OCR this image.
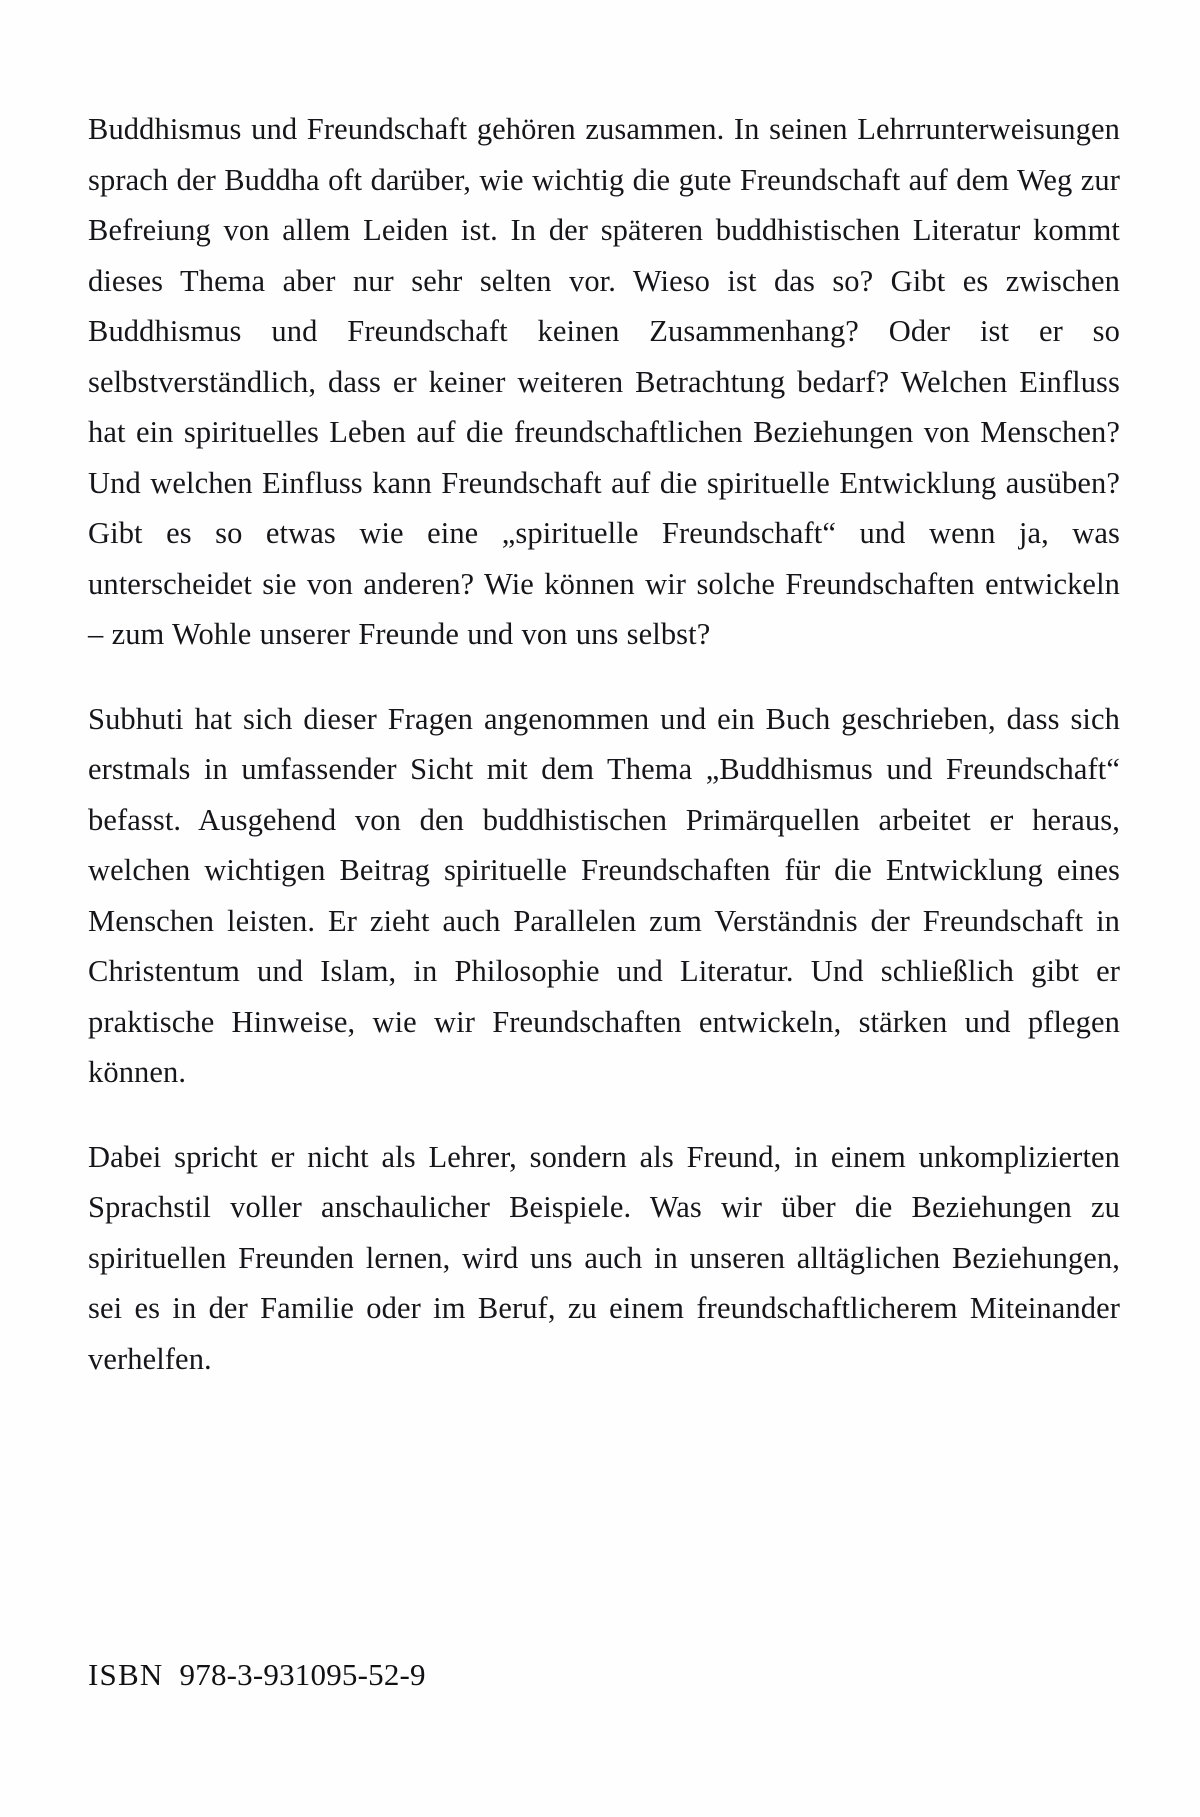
Buddhismus und Freundschaft gehören zusammen. In seinen Lehrrunterweisungen sprach der Buddha oft darüber, wie wichtig die gute Freundschaft auf dem Weg zur Befreiung von allem Leiden ist. In der späteren buddhistischen Literatur kommt dieses Thema aber nur sehr selten vor. Wieso ist das so? Gibt es zwischen Buddhismus und Freundschaft keinen Zusammenhang? Oder ist er so selbstverständlich, dass er keiner weiteren Betrachtung bedarf? Welchen Einfluss hat ein spirituelles Leben auf die freundschaftlichen Beziehungen von Menschen? Und welchen Einfluss kann Freundschaft auf die spirituelle Entwicklung ausüben? Gibt es so etwas wie eine „spirituelle Freundschaft“ und wenn ja, was unterscheidet sie von anderen? Wie können wir solche Freundschaften entwickeln – zum Wohle unserer Freunde und von uns selbst?

Subhuti hat sich dieser Fragen angenommen und ein Buch geschrieben, dass sich erstmals in umfassender Sicht mit dem Thema „Buddhismus und Freundschaft“ befasst. Ausgehend von den buddhistischen Primärquellen arbeitet er heraus, welchen wichtigen Beitrag spirituelle Freundschaften für die Entwicklung eines Menschen leisten. Er zieht auch Parallelen zum Verständnis der Freundschaft in Christentum und Islam, in Philosophie und Literatur. Und schließlich gibt er praktische Hinweise, wie wir Freundschaften entwickeln, stärken und pflegen können.

Dabei spricht er nicht als Lehrer, sondern als Freund, in einem unkomplizierten Sprachstil voller anschaulicher Beispiele. Was wir über die Beziehungen zu spirituellen Freunden lernen, wird uns auch in unseren alltäglichen Beziehungen, sei es in der Familie oder im Beruf, zu einem freundschaftlicherem Miteinander verhelfen.

ISBN 978-3-931095-52-9
